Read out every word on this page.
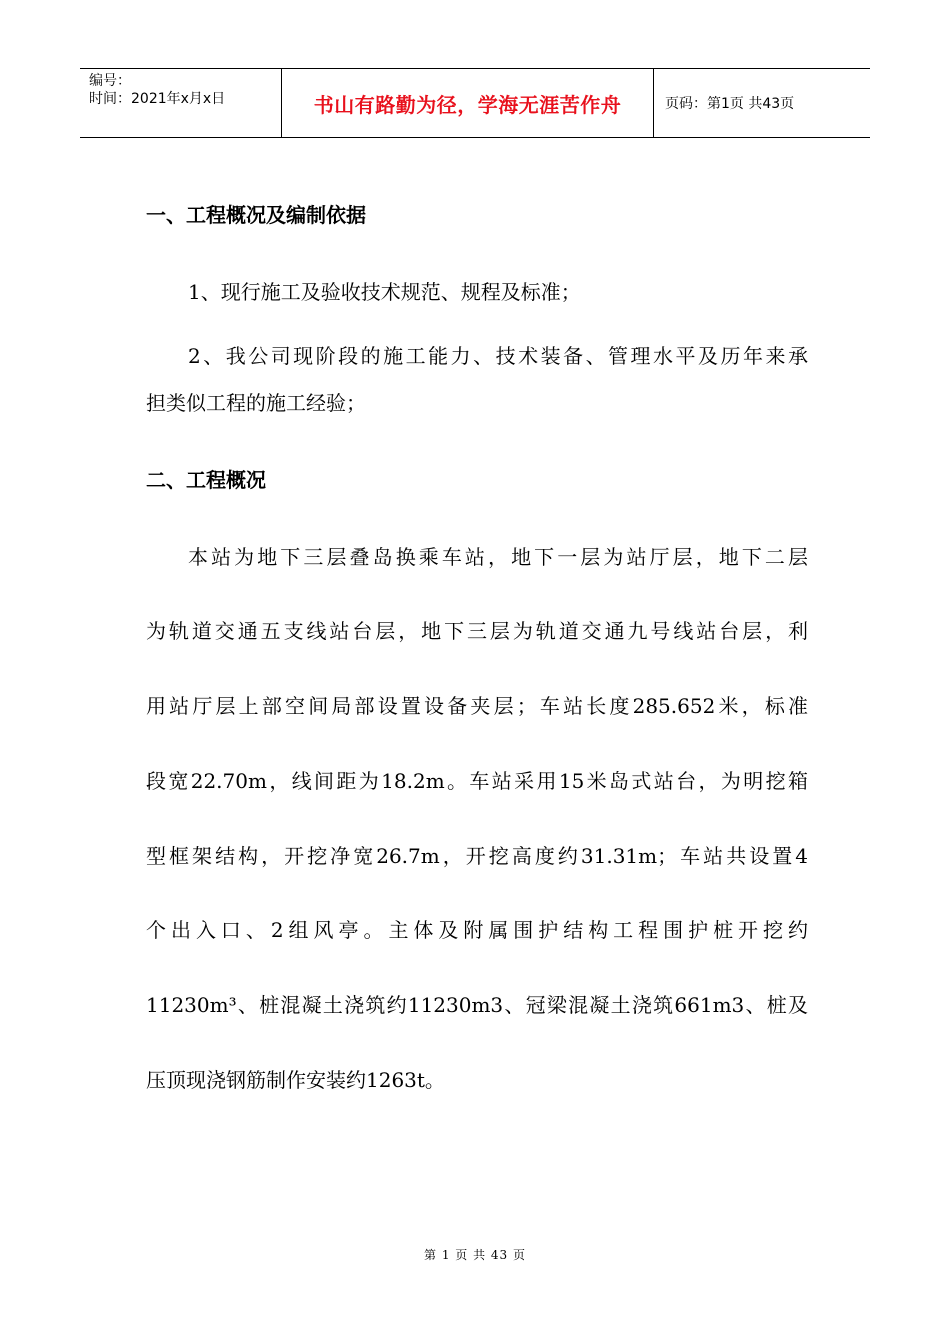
编号：
时间：2021年x月x日	书山有路勤为径，学海无涯苦作舟	页码：第1页 共43页
一、工程概况及编制依据

1、现行施工及验收技术规范、规程及标准；

2、我公司现阶段的施工能力、技术装备、管理水平及历年来承

担类似工程的施工经验；

二、工程概况

本站为地下三层叠岛换乘车站，地下一层为站厅层，地下二层

为轨道交通五支线站台层，地下三层为轨道交通九号线站台层，利

用站厅层上部空间局部设置设备夹层；车站长度285.652米，标准

段宽22.70m，线间距为18.2m。车站采用15米岛式站台，为明挖箱

型框架结构，开挖净宽26.7m，开挖高度约31.31m；车站共设置4

个出入口、2组风亭。主体及附属围护结构工程围护桩开挖约

11230m³、桩混凝土浇筑约11230m3、冠梁混凝土浇筑661m3、桩及

压顶现浇钢筋制作安装约1263t。

第 1 页 共 43 页
